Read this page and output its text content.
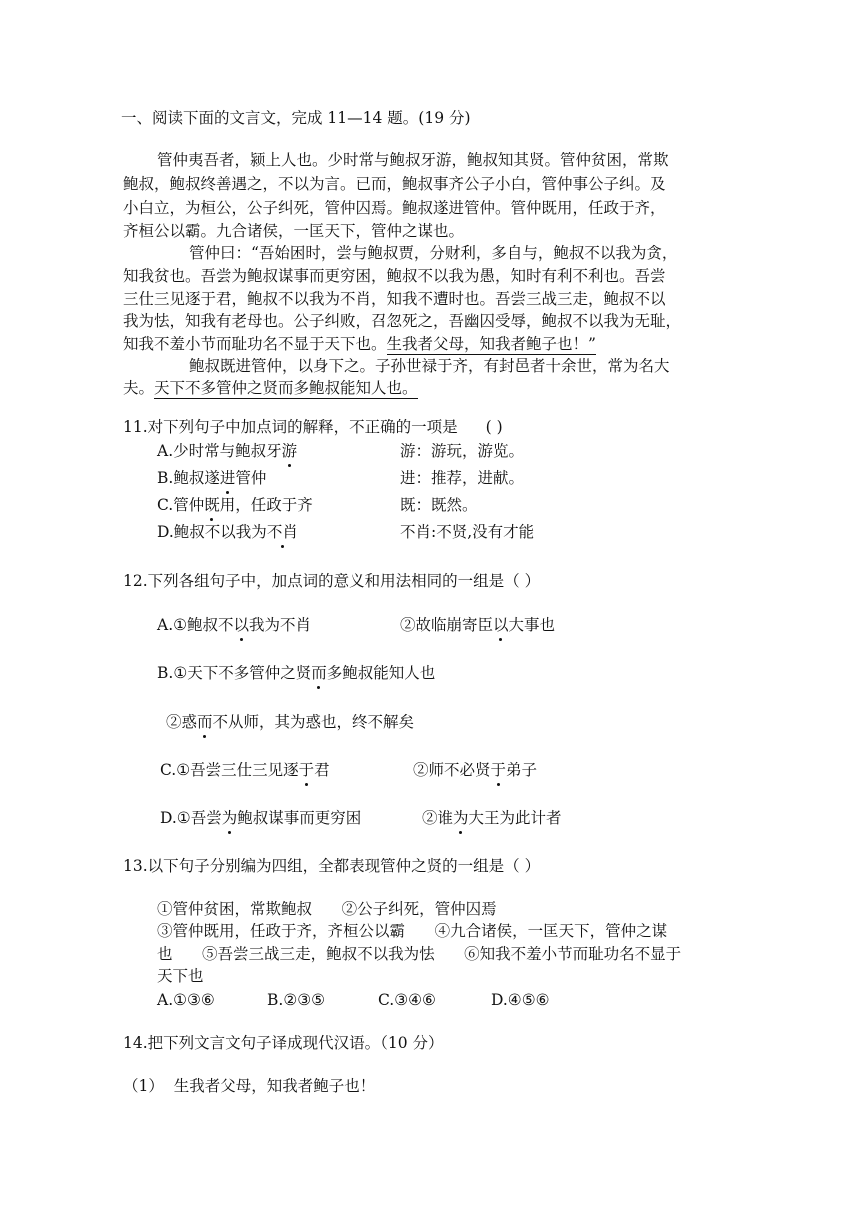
一、阅读下面的文言文，完成 11—14 题。(19 分)
管仲夷吾者，颍上人也。少时常与鲍叔牙游，鲍叔知其贤。管仲贫困，常欺
鲍叔，鲍叔终善遇之，不以为言。已而，鲍叔事齐公子小白，管仲事公子纠。及
小白立，为桓公，公子纠死，管仲囚焉。鲍叔遂进管仲。管仲既用，任政于齐，
齐桓公以霸。九合诸侯，一匡天下，管仲之谋也。
管仲曰：“吾始困时，尝与鲍叔贾，分财利，多自与，鲍叔不以我为贪，
知我贫也。吾尝为鲍叔谋事而更穷困，鲍叔不以我为愚，知时有利不利也。吾尝
三仕三见逐于君，鲍叔不以我为不肖，知我不遭时也。吾尝三战三走，鲍叔不以
我为怯，知我有老母也。公子纠败，召忽死之，吾幽囚受辱，鲍叔不以我为无耻，
知我不羞小节而耻功名不显于天下也。生我者父母，知我者鲍子也！”
鲍叔既进管仲，以身下之。子孙世禄于齐，有封邑者十余世，常为名大
夫。天下不多管仲之贤而多鲍叔能知人也。
11.对下列句子中加点词的解释，不正确的一项是 ( )
A.少时常与鲍叔牙游	游：游玩，游览。
B.鲍叔遂进管仲	进：推荐，进献。
C.管仲既用，任政于齐	既：既然。
D.鲍叔不以我为不肖	不肖:不贤,没有才能
12.下列各组句子中，加点词的意义和用法相同的一组是（ ）
A.①鲍叔不以我为不肖	②故临崩寄臣以大事也
B.①天下不多管仲之贤而多鲍叔能知人也
②惑而不从师，其为惑也，终不解矣
C.①吾尝三仕三见逐于君	②师不必贤于弟子
D.①吾尝为鲍叔谋事而更穷困	②谁为大王为此计者
13.以下句子分别编为四组，全都表现管仲之贤的一组是（ ）
①管仲贫困，常欺鲍叔      ②公子纠死，管仲囚焉
③管仲既用，任政于齐，齐桓公以霸      ④九合诸侯，一匡天下，管仲之谋
也      ⑤吾尝三战三走，鲍叔不以我为怯      ⑥知我不羞小节而耻功名不显于
天下也
A.①③⑥	B.②③⑤	C.③④⑥	D.④⑤⑥
14.把下列文言文句子译成现代汉语。（10 分）
（1）  生我者父母，知我者鲍子也！
